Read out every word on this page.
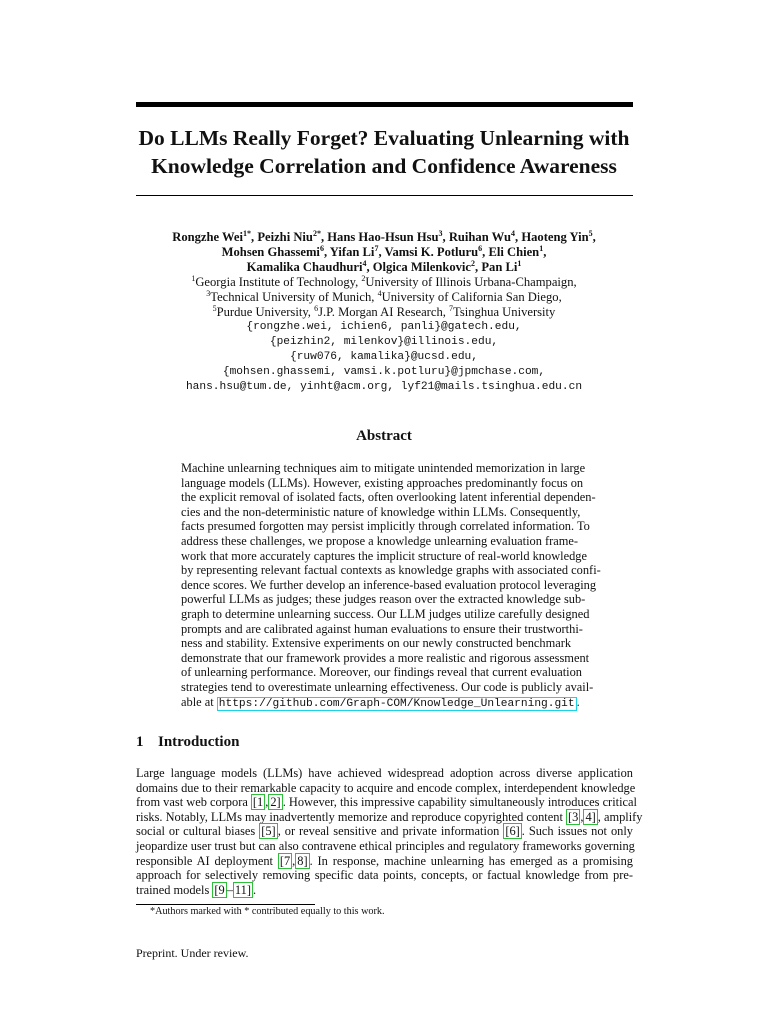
Do LLMs Really Forget? Evaluating Unlearning with
Knowledge Correlation and Confidence Awareness
Rongzhe Wei$^{1*}$, Peizhi Niu$^{2*}$, Hans Hao-Hsun Hsu$^3$, Ruihan Wu$^4$, Haoteng Yin$^5$,
Mohsen Ghassemi$^6$, Yifan Li$^7$, Vamsi K. Potluru$^6$, Eli Chien$^1$,
Kamalika Chaudhuri$^4$, Olgica Milenkovic$^2$, Pan Li$^1$
$^1$Georgia Institute of Technology, $^2$University of Illinois Urbana-Champaign,
$^3$Technical University of Munich, $^4$University of California San Diego,
$^5$Purdue University, $^6$J.P. Morgan AI Research, $^7$Tsinghua University
{rongzhe.wei, ichien6, panli}@gatech.edu,
{peizhin2, milenkov}@illinois.edu,
{ruw076, kamalika}@ucsd.edu,
{mohsen.ghassemi, vamsi.k.potluru}@jpmchase.com,
hans.hsu@tum.de, yinht@acm.org, lyf21@mails.tsinghua.edu.cn
Abstract
Machine unlearning techniques aim to mitigate unintended memorization in large
language models (LLMs). However, existing approaches predominantly focus on
the explicit removal of isolated facts, often overlooking latent inferential dependen-
cies and the non-deterministic nature of knowledge within LLMs. Consequently,
facts presumed forgotten may persist implicitly through correlated information. To
address these challenges, we propose a knowledge unlearning evaluation frame-
work that more accurately captures the implicit structure of real-world knowledge
by representing relevant factual contexts as knowledge graphs with associated confi-
dence scores. We further develop an inference-based evaluation protocol leveraging
powerful LLMs as judges; these judges reason over the extracted knowledge sub-
graph to determine unlearning success. Our LLM judges utilize carefully designed
prompts and are calibrated against human evaluations to ensure their trustworthi-
ness and stability. Extensive experiments on our newly constructed benchmark
demonstrate that our framework provides a more realistic and rigorous assessment
of unlearning performance. Moreover, our findings reveal that current evaluation
strategies tend to overestimate unlearning effectiveness. Our code is publicly avail-
able at https://github.com/Graph-COM/Knowledge_Unlearning.git .
1 Introduction
Large language models (LLMs) have achieved widespread adoption across diverse application
domains due to their remarkable capacity to acquire and encode complex, interdependent knowledge
from vast web corpora [1 , 2] . However, this impressive capability simultaneously introduces critical
risks. Notably, LLMs may inadvertently memorize and reproduce copyrighted content [3 , 4] , amplify
social or cultural biases [5] , or reveal sensitive and private information [6] . Such issues not only
jeopardize user trust but can also contravene ethical principles and regulatory frameworks governing
responsible AI deployment [7 , 8] . In response, machine unlearning has emerged as a promising
approach for selectively removing specific data points, concepts, or factual knowledge from pre-
trained models [9 – 11] .
*Authors marked with * contributed equally to this work.
Preprint. Under review.
